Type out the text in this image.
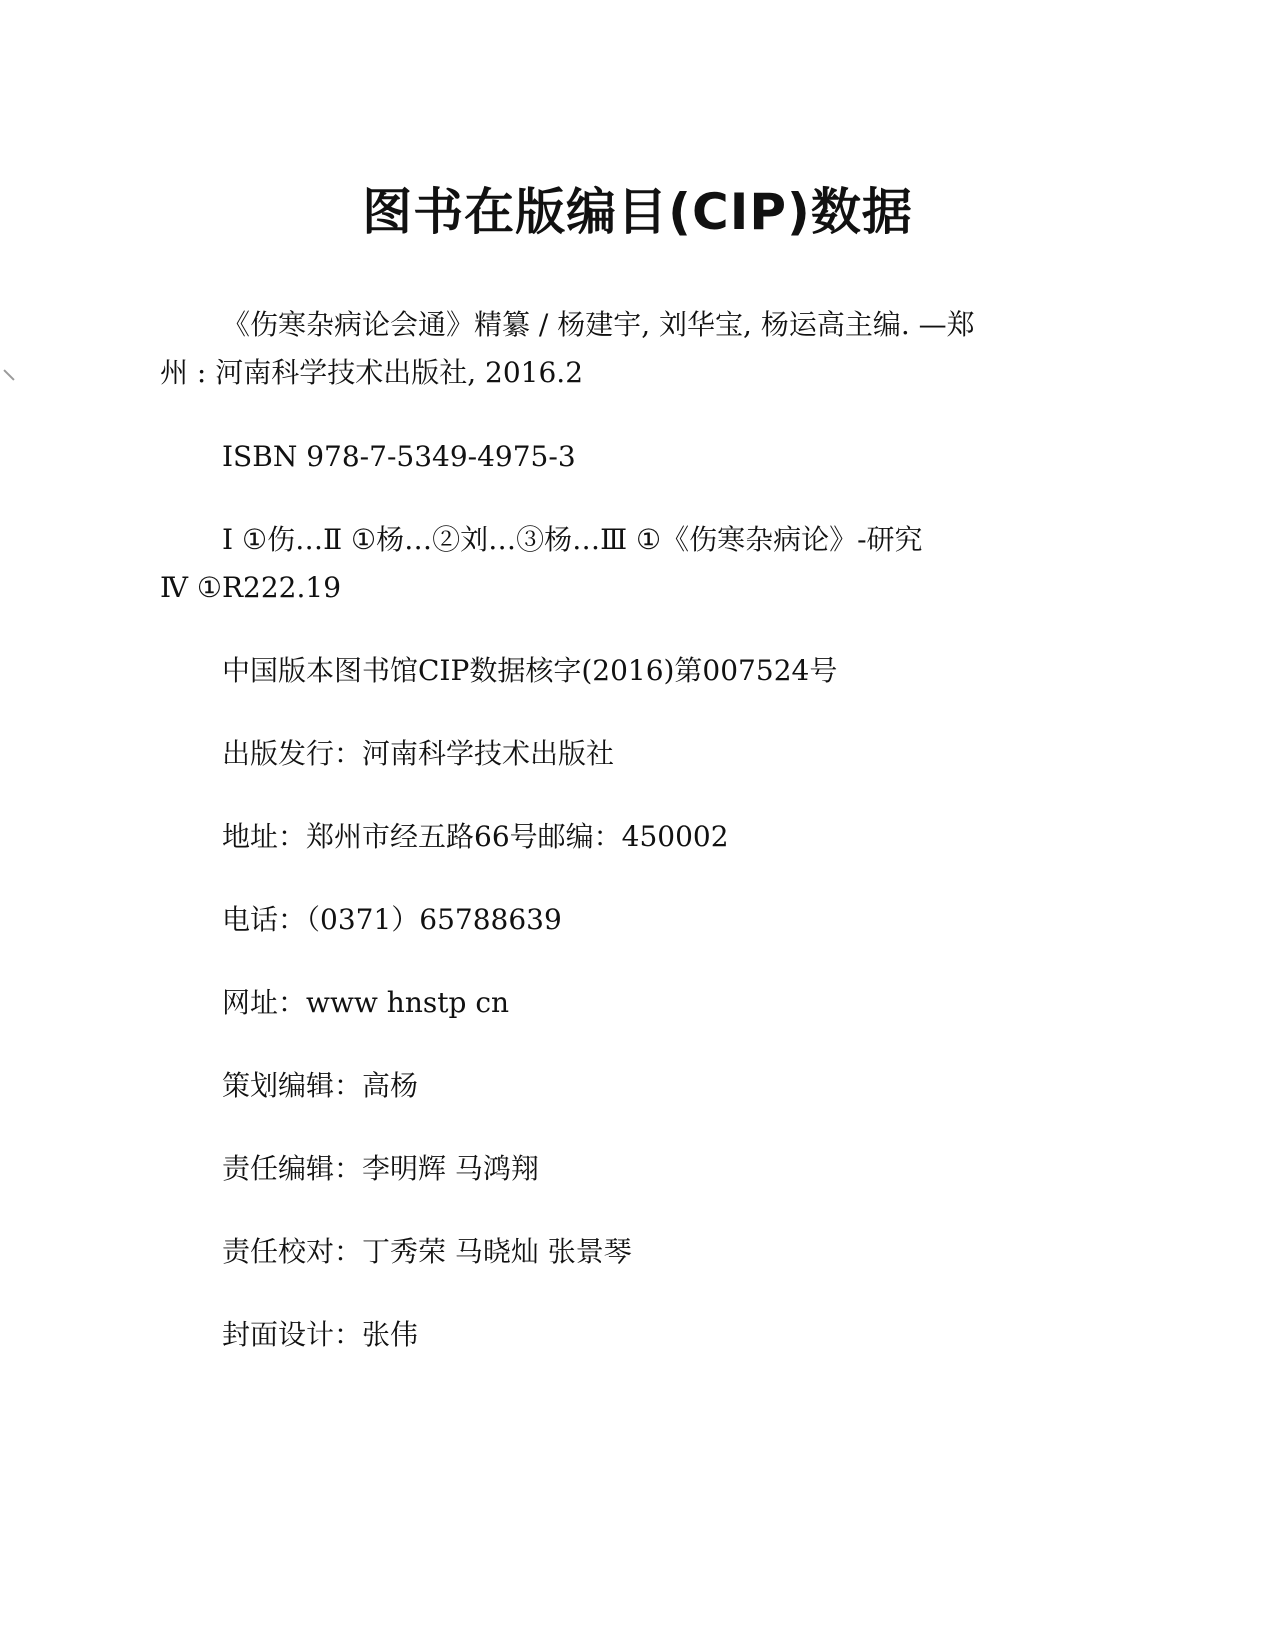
图书在版编目(CIP)数据

《伤寒杂病论会通》精纂 / 杨建宇, 刘华宝, 杨运高主编. —郑

州 : 河南科学技术出版社, 2016.2

ISBN 978-7-5349-4975-3

Ⅰ ①伤…Ⅱ ①杨…②刘…③杨…Ⅲ ①《伤寒杂病论》-研究

Ⅳ ①R222.19

中国版本图书馆CIP数据核字(2016)第007524号

出版发行：河南科学技术出版社

地址：郑州市经五路66号邮编：450002

电话：（0371）65788639

网址：www hnstp cn

策划编辑：高杨

责任编辑：李明辉 马鸿翔

责任校对：丁秀荣 马晓灿 张景琴

封面设计：张伟
